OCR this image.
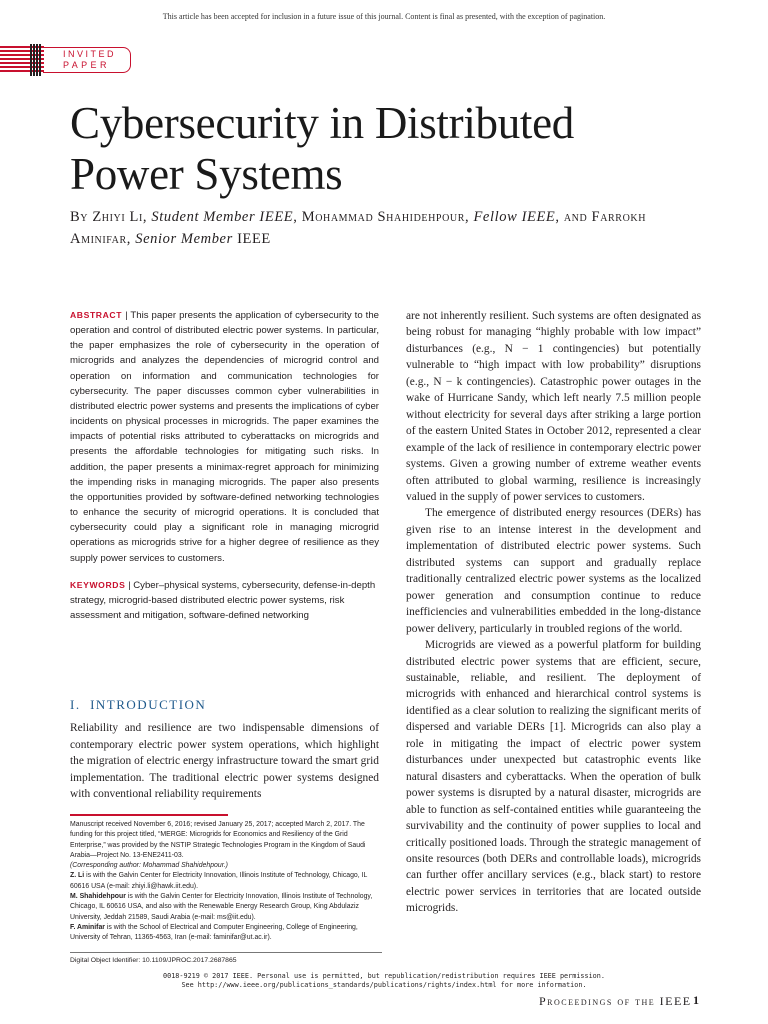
This article has been accepted for inclusion in a future issue of this journal. Content is final as presented, with the exception of pagination.
INVITED
PAPER
Cybersecurity in Distributed
Power Systems
By Zhiyi Li, Student Member IEEE, Mohammad Shahidehpour, Fellow IEEE, and Farrokh Aminifar, Senior Member IEEE

ABSTRACT | This paper presents the application of cybersecurity to the operation and control of distributed electric power systems. In particular, the paper emphasizes the role of cybersecurity in the operation of microgrids and analyzes the dependencies of microgrid control and operation on information and communication technologies for cybersecurity. The paper discusses common cyber vulnerabilities in distributed electric power systems and presents the implications of cyber incidents on physical processes in microgrids. The paper examines the impacts of potential risks attributed to cyberattacks on microgrids and presents the affordable technologies for mitigating such risks. In addition, the paper presents a minimax-regret approach for minimizing the impending risks in managing microgrids. The paper also presents the opportunities provided by software-defined networking technologies to enhance the security of microgrid operations. It is concluded that cybersecurity could play a significant role in managing microgrid operations as microgrids strive for a higher degree of resilience as they supply power services to customers.

KEYWORDS | Cyber–physical systems, cybersecurity, defense-in-depth strategy, microgrid-based distributed electric power systems, risk assessment and mitigation, software-defined networking

I. INTRODUCTION

Reliability and resilience are two indispensable dimensions of contemporary electric power system operations, which highlight the migration of electric energy infrastructure toward the smart grid implementation. The traditional electric power systems designed with conventional reliability requirements

Manuscript received November 6, 2016; revised January 25, 2017; accepted March 2, 2017. The funding for this project titled, “MERGE: Microgrids for Economics and Resiliency of the Grid Enterprise,” was provided by the NSTIP Strategic Technologies Program in the Kingdom of Saudi Arabia—Project No. 13-ENE2411-03.
(Corresponding author: Mohammad Shahidehpour.)

Z. Li is with the Galvin Center for Electricity Innovation, Illinois Institute of Technology, Chicago, IL 60616 USA (e-mail: zhiyi.li@hawk.iit.edu).

M. Shahidehpour is with the Galvin Center for Electricity Innovation, Illinois Institute of Technology, Chicago, IL 60616 USA, and also with the Renewable Energy Research Group, King Abdulaziz University, Jeddah 21589, Saudi Arabia (e-mail: ms@iit.edu).

F. Aminifar is with the School of Electrical and Computer Engineering, College of Engineering, University of Tehran, 11365-4563, Iran (e-mail: faminifar@ut.ac.ir).

Digital Object Identifier: 10.1109/JPROC.2017.2687865

are not inherently resilient. Such systems are often designated as being robust for managing “highly probable with low impact” disturbances (e.g., N − 1 contingencies) but potentially vulnerable to “high impact with low probability” disruptions (e.g., N − k contingencies). Catastrophic power outages in the wake of Hurricane Sandy, which left nearly 7.5 million people without electricity for several days after striking a large portion of the eastern United States in October 2012, represented a clear example of the lack of resilience in contemporary electric power systems. Given a growing number of extreme weather events often attributed to global warming, resilience is increasingly valued in the supply of power services to customers.

The emergence of distributed energy resources (DERs) has given rise to an intense interest in the development and implementation of distributed electric power systems. Such distributed systems can support and gradually replace traditionally centralized electric power systems as the localized power generation and consumption continue to reduce inefficiencies and vulnerabilities embedded in the long-distance power delivery, particularly in troubled regions of the world.

Microgrids are viewed as a powerful platform for building distributed electric power systems that are efficient, secure, sustainable, reliable, and resilient. The deployment of microgrids with enhanced and hierarchical control systems is identified as a clear solution to realizing the significant merits of dispersed and variable DERs [1]. Microgrids can also play a role in mitigating the impact of electric power system disturbances under unexpected but catastrophic events like natural disasters and cyberattacks. When the operation of bulk power systems is disrupted by a natural disaster, microgrids are able to function as self-contained entities while guaranteeing the survivability and the continuity of power supplies to local and critically positioned loads. Through the strategic management of onsite resources (both DERs and controllable loads), microgrids can further offer ancillary services (e.g., black start) to restore electric power services in territories that are located outside microgrids.

0018-9219 © 2017 IEEE. Personal use is permitted, but republication/redistribution requires IEEE permission.
See http://www.ieee.org/publications_standards/publications/rights/index.html for more information.
Proceedings of the IEEE 1
